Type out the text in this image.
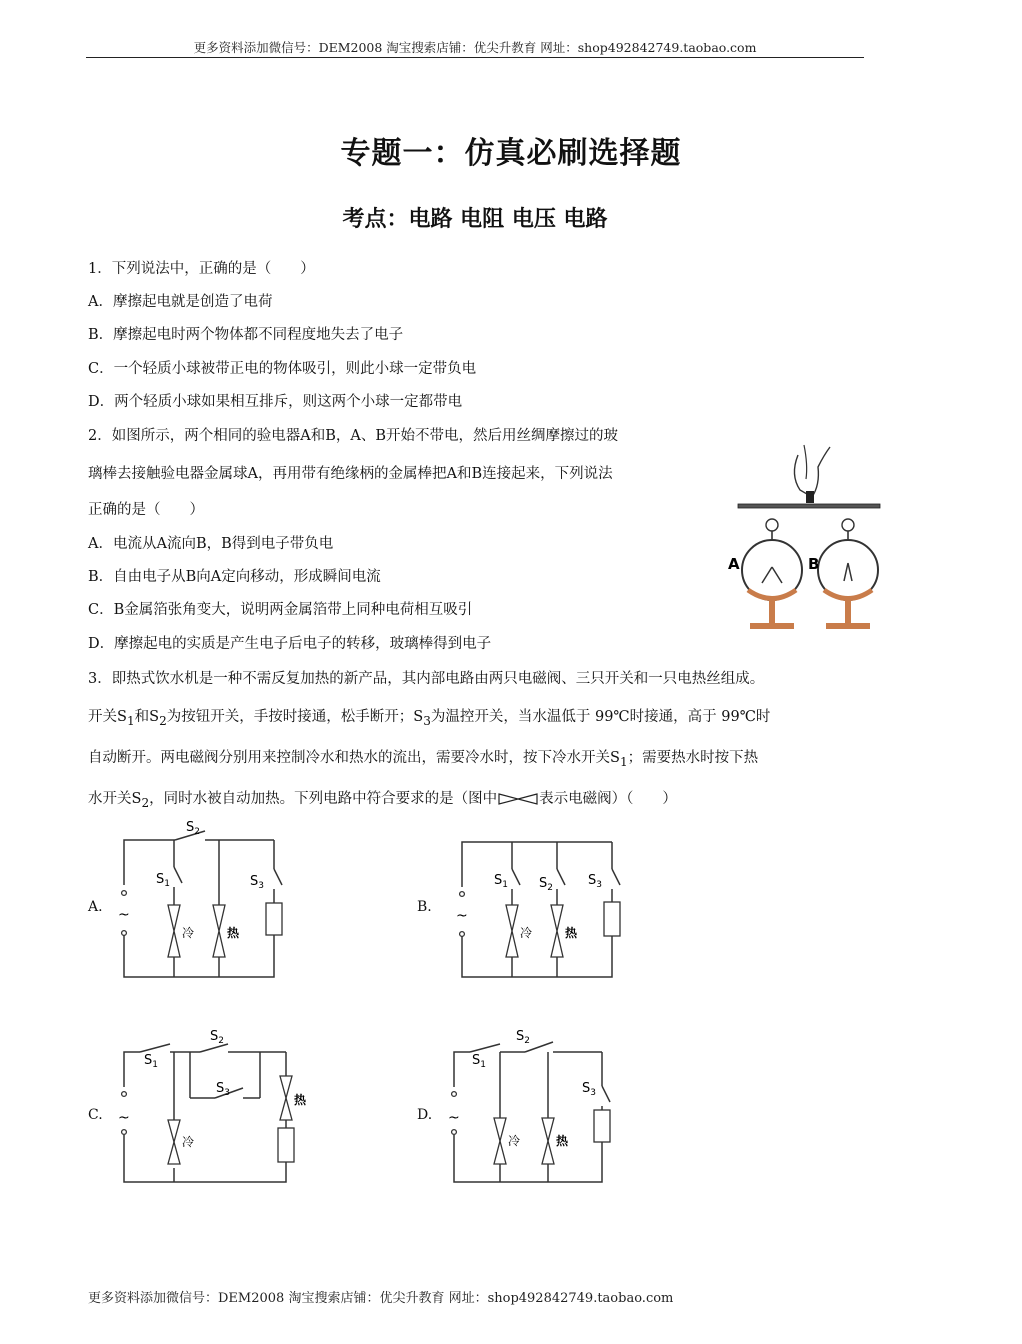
更多资料添加微信号：DEM2008 淘宝搜索店铺：优尖升教育 网址：shop492842749.taobao.com
专题一：仿真必刷选择题
考点：电路 电阻 电压 电路
1．下列说法中，正确的是（　　）
A．摩擦起电就是创造了电荷
B．摩擦起电时两个物体都不同程度地失去了电子
C．一个轻质小球被带正电的物体吸引，则此小球一定带负电
D．两个轻质小球如果相互排斥，则这两个小球一定都带电
2．如图所示，两个相同的验电器A和B，A、B开始不带电，然后用丝绸摩擦过的玻
璃棒去接触验电器金属球A，再用带有绝缘柄的金属棒把A和B连接起来，下列说法
正确的是（　　）
A．电流从A流向B，B得到电子带负电
B．自由电子从B向A定向移动，形成瞬间电流
C．B金属箔张角变大，说明两金属箔带上同种电荷相互吸引
D．摩擦起电的实质是产生电子后电子的转移，玻璃棒得到电子
A	B

3．即热式饮水机是一种不需反复加热的新产品，其内部电路由两只电磁阀、三只开关和一只电热丝组成。

开关$S_1$和$S_2$为按钮开关，手按时接通，松手断开；$S_3$为温控开关，当水温低于 99℃时接通，高于 99℃时

自动断开。两电磁阀分别用来控制冷水和热水的流出，需要冷水时，按下冷水开关$S_1$；需要热水时按下热

水开关$S_2$，同时水被自动加热。下列电路中符合要求的是（图中	表示电磁阀）（　　）

A.	B.
C.	D.
~
$S_2$
$S_1$	$S_3$
冷	热
~
$S_1$ $S_2$	$S_3$
冷	热
~
$S_1$
$S_2$
$S_3$
冷
热
~
$S_1$
$S_2$
$S_3$
冷	热
更多资料添加微信号：DEM2008 淘宝搜索店铺：优尖升教育 网址：shop492842749.taobao.com
